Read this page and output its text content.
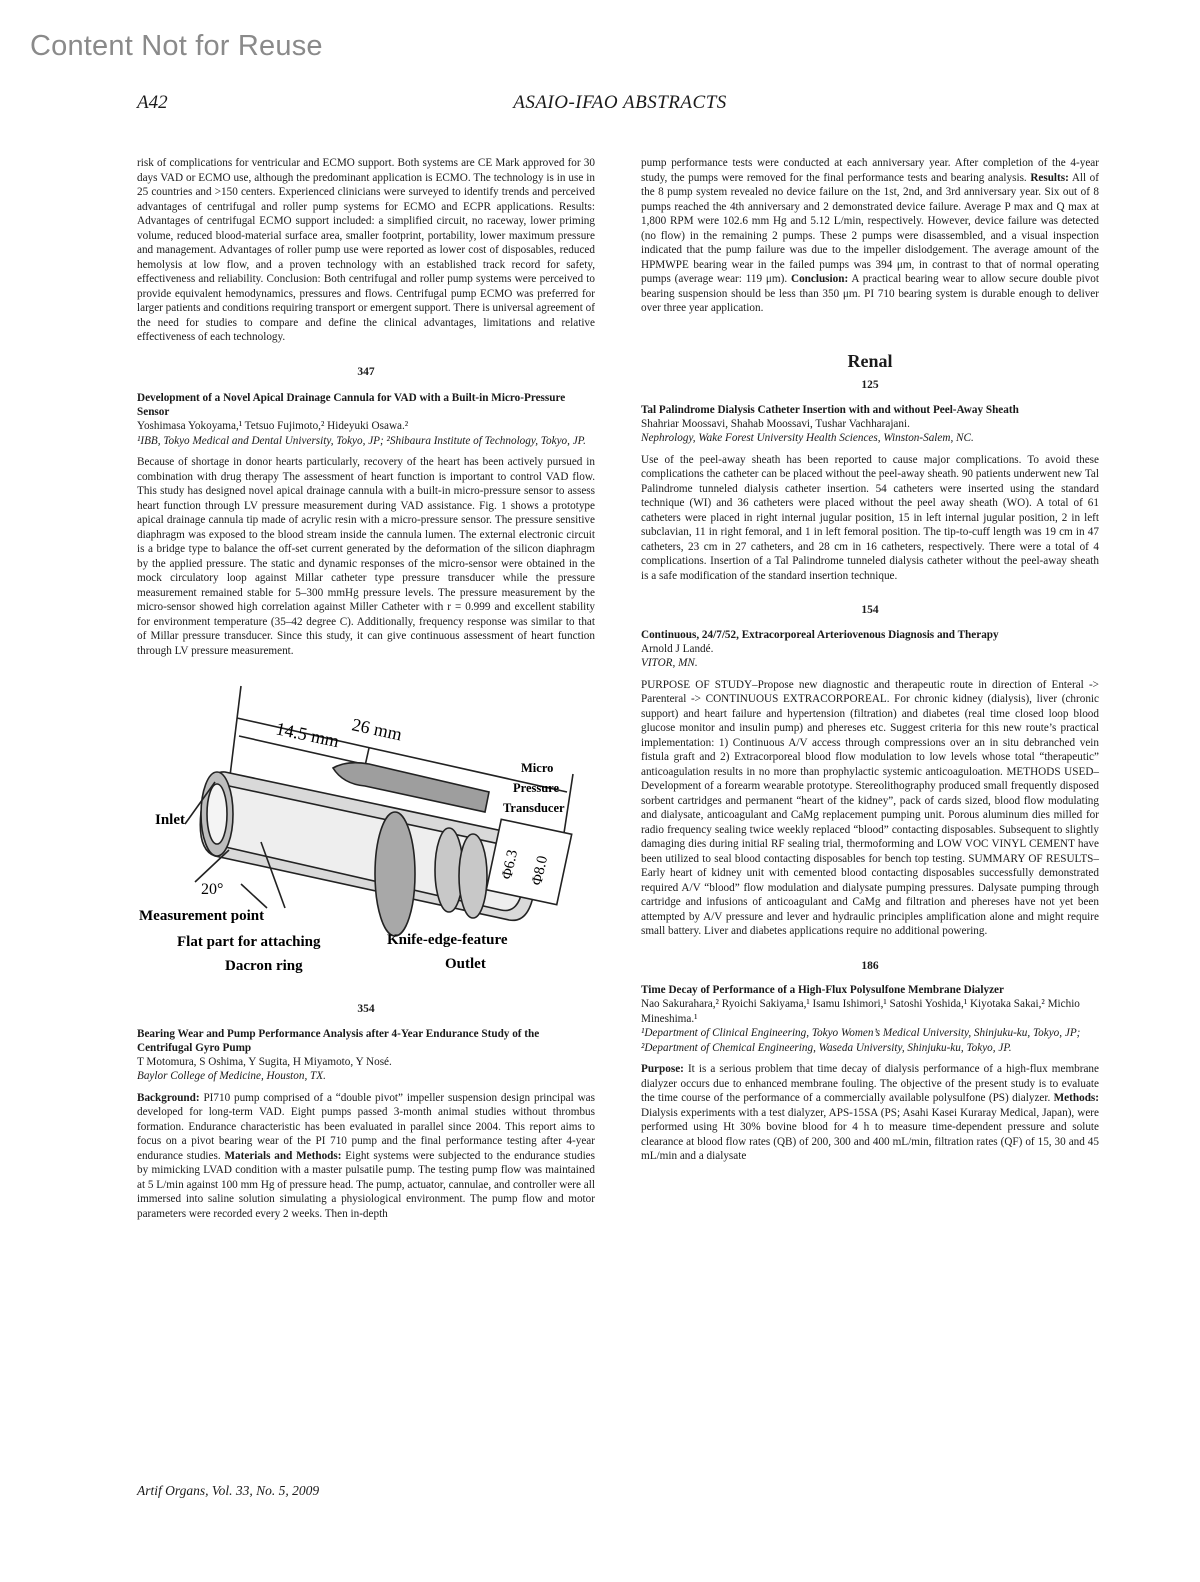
Content Not for Reuse
A42	ASAIO-IFAO ABSTRACTS

risk of complications for ventricular and ECMO support. Both systems are CE Mark approved for 30 days VAD or ECMO use, although the predominant application is ECMO. The technology is in use in 25 countries and >150 centers. Experienced clinicians were surveyed to identify trends and perceived advantages of centrifugal and roller pump systems for ECMO and ECPR applications. Results: Advantages of centrifugal ECMO support included: a simplified circuit, no raceway, lower priming volume, reduced blood-material surface area, smaller footprint, portability, lower maximum pressure and management. Advantages of roller pump use were reported as lower cost of disposables, reduced hemolysis at low flow, and a proven technology with an established track record for safety, effectiveness and reliability. Conclusion: Both centrifugal and roller pump systems were perceived to provide equivalent hemodynamics, pressures and flows. Centrifugal pump ECMO was preferred for larger patients and conditions requiring transport or emergent support. There is universal agreement of the need for studies to compare and define the clinical advantages, limitations and relative effectiveness of each technology.

347

Development of a Novel Apical Drainage Cannula for VAD with a Built-in Micro-Pressure Sensor

Yoshimasa Yokoyama,¹ Tetsuo Fujimoto,² Hideyuki Osawa.²

¹IBB, Tokyo Medical and Dental University, Tokyo, JP; ²Shibaura Institute of Technology, Tokyo, JP.

Because of shortage in donor hearts particularly, recovery of the heart has been actively pursued in combination with drug therapy The assessment of heart function is important to control VAD flow. This study has designed novel apical drainage cannula with a built-in micro-pressure sensor to assess heart function through LV pressure measurement during VAD assistance. Fig. 1 shows a prototype apical drainage cannula tip made of acrylic resin with a micro-pressure sensor. The pressure sensitive diaphragm was exposed to the blood stream inside the cannula lumen. The external electronic circuit is a bridge type to balance the off-set current generated by the deformation of the silicon diaphragm by the applied pressure. The static and dynamic responses of the micro-sensor were obtained in the mock circulatory loop against Millar catheter type pressure transducer while the pressure measurement remained stable for 5–300 mmHg pressure levels. The pressure measurement by the micro-sensor showed high correlation against Miller Catheter with r = 0.999 and excellent stability for environment temperature (35–42 degree C). Additionally, frequency response was similar to that of Millar pressure transducer. Since this study, it can give continuous assessment of heart function through LV pressure measurement.

26 mm
14.5 mm
Micro
Pressure
Transducer
Inlet
20°
Φ6.3 Φ8.0
Measurement point
Flat part for attaching
Dacron ring
Knife-edge-feature
Outlet

354

Bearing Wear and Pump Performance Analysis after 4-Year Endurance Study of the Centrifugal Gyro Pump

T Motomura, S Oshima, Y Sugita, H Miyamoto, Y Nosé.

Baylor College of Medicine, Houston, TX.

Background: PI710 pump comprised of a “double pivot” impeller suspension design principal was developed for long-term VAD. Eight pumps passed 3-month animal studies without thrombus formation. Endurance characteristic has been evaluated in parallel since 2004. This report aims to focus on a pivot bearing wear of the PI 710 pump and the final performance testing after 4-year endurance studies. Materials and Methods: Eight systems were subjected to the endurance studies by mimicking LVAD condition with a master pulsatile pump. The testing pump flow was maintained at 5 L/min against 100 mm Hg of pressure head. The pump, actuator, cannulae, and controller were all immersed into saline solution simulating a physiological environment. The pump flow and motor parameters were recorded every 2 weeks. Then in-depth

pump performance tests were conducted at each anniversary year. After completion of the 4-year study, the pumps were removed for the final performance tests and bearing analysis. Results: All of the 8 pump system revealed no device failure on the 1st, 2nd, and 3rd anniversary year. Six out of 8 pumps reached the 4th anniversary and 2 demonstrated device failure. Average P max and Q max at 1,800 RPM were 102.6 mm Hg and 5.12 L/min, respectively. However, device failure was detected (no flow) in the remaining 2 pumps. These 2 pumps were disassembled, and a visual inspection indicated that the pump failure was due to the impeller dislodgement. The average amount of the HPMWPE bearing wear in the failed pumps was 394 μm, in contrast to that of normal operating pumps (average wear: 119 μm). Conclusion: A practical bearing wear to allow secure double pivot bearing suspension should be less than 350 μm. PI 710 bearing system is durable enough to deliver over three year application.

Renal

125

Tal Palindrome Dialysis Catheter Insertion with and without Peel-Away Sheath

Shahriar Moossavi, Shahab Moossavi, Tushar Vachharajani.

Nephrology, Wake Forest University Health Sciences, Winston-Salem, NC.

Use of the peel-away sheath has been reported to cause major complications. To avoid these complications the catheter can be placed without the peel-away sheath. 90 patients underwent new Tal Palindrome tunneled dialysis catheter insertion. 54 catheters were inserted using the standard technique (WI) and 36 catheters were placed without the peel away sheath (WO). A total of 61 catheters were placed in right internal jugular position, 15 in left internal jugular position, 2 in left subclavian, 11 in right femoral, and 1 in left femoral position. The tip-to-cuff length was 19 cm in 47 catheters, 23 cm in 27 catheters, and 28 cm in 16 catheters, respectively. There were a total of 4 complications. Insertion of a Tal Palindrome tunneled dialysis catheter without the peel-away sheath is a safe modification of the standard insertion technique.

154

Continuous, 24/7/52, Extracorporeal Arteriovenous Diagnosis and Therapy

Arnold J Landé.

VITOR, MN.

PURPOSE OF STUDY–Propose new diagnostic and therapeutic route in direction of Enteral -> Parenteral -> CONTINUOUS EXTRACORPOREAL. For chronic kidney (dialysis), liver (chronic support) and heart failure and hypertension (filtration) and diabetes (real time closed loop blood glucose monitor and insulin pump) and phereses etc. Suggest criteria for this new route’s practical implementation: 1) Continuous A/V access through compressions over an in situ debranched vein fistula graft and 2) Extracorporeal blood flow modulation to low levels whose total “therapeutic” anticoagulation results in no more than prophylactic systemic anticoaguloation. METHODS USED–Development of a forearm wearable prototype. Stereolithography produced small frequently disposed sorbent cartridges and permanent “heart of the kidney”, pack of cards sized, blood flow modulating and dialysate, anticoagulant and CaMg replacement pumping unit. Porous aluminum dies milled for radio frequency sealing twice weekly replaced “blood” contacting disposables. Subsequent to slightly damaging dies during initial RF sealing trial, thermoforming and LOW VOC VINYL CEMENT have been utilized to seal blood contacting disposables for bench top testing. SUMMARY OF RESULTS–Early heart of kidney unit with cemented blood contacting disposables successfully demonstrated required A/V “blood” flow modulation and dialysate pumping pressures. Dalysate pumping through cartridge and infusions of anticoagulant and CaMg and filtration and phereses have not yet been attempted by A/V pressure and lever and hydraulic principles amplification alone and might require small battery. Liver and diabetes applications require no additional powering.

186

Time Decay of Performance of a High-Flux Polysulfone Membrane Dialyzer

Nao Sakurahara,² Ryoichi Sakiyama,¹ Isamu Ishimori,¹ Satoshi Yoshida,¹ Kiyotaka Sakai,² Michio Mineshima.¹

¹Department of Clinical Engineering, Tokyo Women’s Medical University, Shinjuku-ku, Tokyo, JP; ²Department of Chemical Engineering, Waseda University, Shinjuku-ku, Tokyo, JP.

Purpose: It is a serious problem that time decay of dialysis performance of a high-flux membrane dialyzer occurs due to enhanced membrane fouling. The objective of the present study is to evaluate the time course of the performance of a commercially available polysulfone (PS) dialyzer. Methods: Dialysis experiments with a test dialyzer, APS-15SA (PS; Asahi Kasei Kuraray Medical, Japan), were performed using Ht 30% bovine blood for 4 h to measure time-dependent pressure and solute clearance at blood flow rates (QB) of 200, 300 and 400 mL/min, filtration rates (QF) of 15, 30 and 45 mL/min and a dialysate

Artif Organs, Vol. 33, No. 5, 2009
